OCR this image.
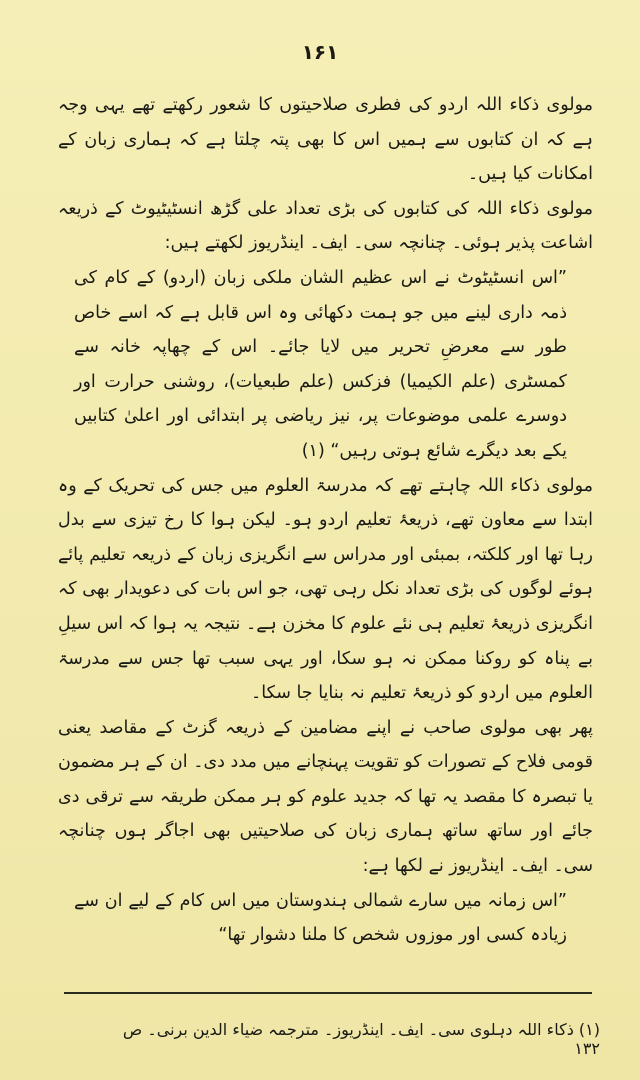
۱۶۱

مولوی ذکاء اللہ اردو کی فطری صلاحیتوں کا شعور رکھتے تھے یہی وجہ ہے کہ ان کتابوں سے ہمیں اس کا بھی پتہ چلتا ہے کہ ہماری زبان کے امکانات کیا ہیں۔

مولوی ذکاء اللہ کی کتابوں کی بڑی تعداد علی گڑھ انسٹیٹیوٹ کے ذریعہ اشاعت پذیر ہوئی۔ چنانچہ سی۔ ایف۔ اینڈریوز لکھتے ہیں:

”اس انسٹیٹوٹ نے اس عظیم الشان ملکی زبان (اردو) کے کام کی ذمہ داری لینے میں جو ہمت دکھائی وہ اس قابل ہے کہ اسے خاص طور سے معرضِ تحریر میں لایا جائے۔ اس کے چھاپہ خانہ سے کمسٹری (علم الکیمیا) فزکس (علم طبعیات)، روشنی حرارت اور دوسرے علمی موضوعات پر، نیز ریاضی پر ابتدائی اور اعلیٰ کتابیں یکے بعد دیگرے شائع ہوتی رہیں“ (۱)

مولوی ذکاء اللہ چاہتے تھے کہ مدرسۃ العلوم میں جس کی تحریک کے وہ ابتدا سے معاون تھے، ذریعۂ تعلیم اردو ہو۔ لیکن ہوا کا رخ تیزی سے بدل رہا تھا اور کلکتہ، بمبئی اور مدراس سے انگریزی زبان کے ذریعہ تعلیم پائے ہوئے لوگوں کی بڑی تعداد نکل رہی تھی، جو اس بات کی دعویدار بھی کہ انگریزی ذریعۂ تعلیم ہی نئے علوم کا مخزن ہے۔ نتیجہ یہ ہوا کہ اس سیلِ بے پناہ کو روکنا ممکن نہ ہو سکا، اور یہی سبب تھا جس سے مدرسۃ العلوم میں اردو کو ذریعۂ تعلیم نہ بنایا جا سکا۔

پھر بھی مولوی صاحب نے اپنے مضامین کے ذریعہ گزٹ کے مقاصد یعنی قومی فلاح کے تصورات کو تقویت پہنچانے میں مدد دی۔ ان کے ہر مضمون یا تبصرہ کا مقصد یہ تھا کہ جدید علوم کو ہر ممکن طریقہ سے ترقی دی جائے اور ساتھ ساتھ ہماری زبان کی صلاحیتیں بھی اجاگر ہوں چنانچہ سی۔ ایف۔ اینڈریوز نے لکھا ہے:

”اس زمانہ میں سارے شمالی ہندوستان میں اس کام کے لیے ان سے زیادہ کسی اور موزوں شخص کا ملنا دشوار تھا“

(۱) ذکاء اللہ دہلوی سی۔ ایف۔ اینڈریوز۔ مترجمہ ضیاء الدین برنی۔ ص ۱۳۲
